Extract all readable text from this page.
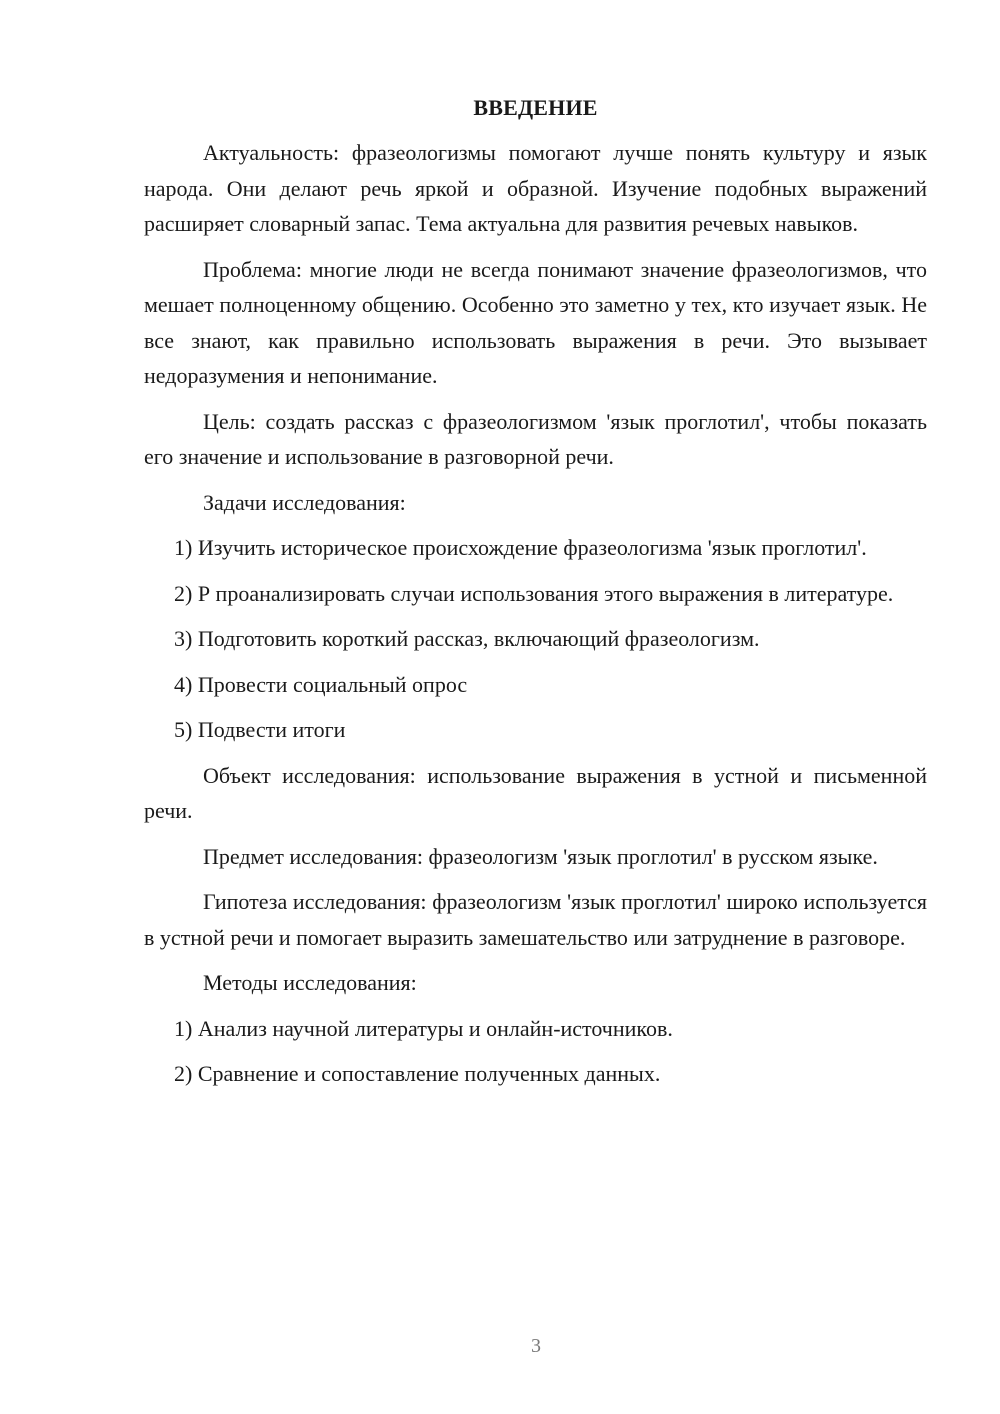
ВВЕДЕНИЕ

Актуальность: фразеологизмы помогают лучше понять культуру и язык народа. Они делают речь яркой и образной. Изучение подобных выражений расширяет словарный запас. Тема актуальна для развития речевых навыков.

Проблема: многие люди не всегда понимают значение фразеологизмов, что мешает полноценному общению. Особенно это заметно у тех, кто изучает язык. Не все знают, как правильно использовать выражения в речи. Это вызывает недоразумения и непонимание.

Цель: создать рассказ с фразеологизмом 'язык проглотил', чтобы показать его значение и использование в разговорной речи.

Задачи исследования:

1) Изучить историческое происхождение фразеологизма 'язык проглотил'.

2) Р проанализировать случаи использования этого выражения в литературе.

3) Подготовить короткий рассказ, включающий фразеологизм.

4) Провести социальный опрос

5) Подвести итоги

Объект исследования: использование выражения в устной и письменной речи.

Предмет исследования: фразеологизм 'язык проглотил' в русском языке.

Гипотеза исследования: фразеологизм 'язык проглотил' широко используется в устной речи и помогает выразить замешательство или затруднение в разговоре.

Методы исследования:

1) Анализ научной литературы и онлайн-источников.

2) Сравнение и сопоставление полученных данных.

3
